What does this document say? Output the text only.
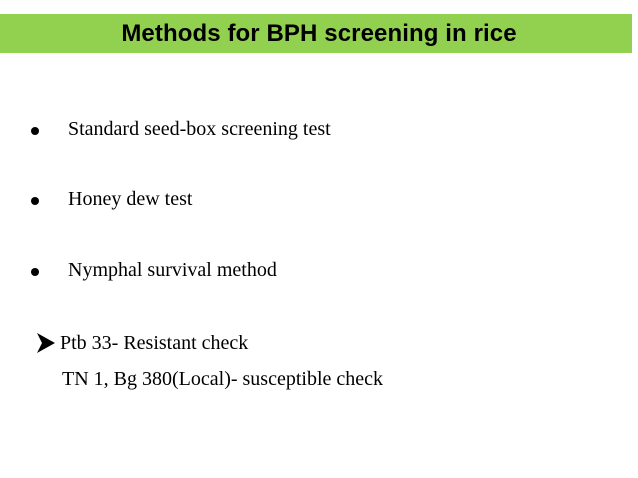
Methods for BPH screening in rice
Standard seed-box screening test
Honey dew test
Nymphal survival method
Ptb 33- Resistant check
TN 1, Bg 380(Local)- susceptible check
